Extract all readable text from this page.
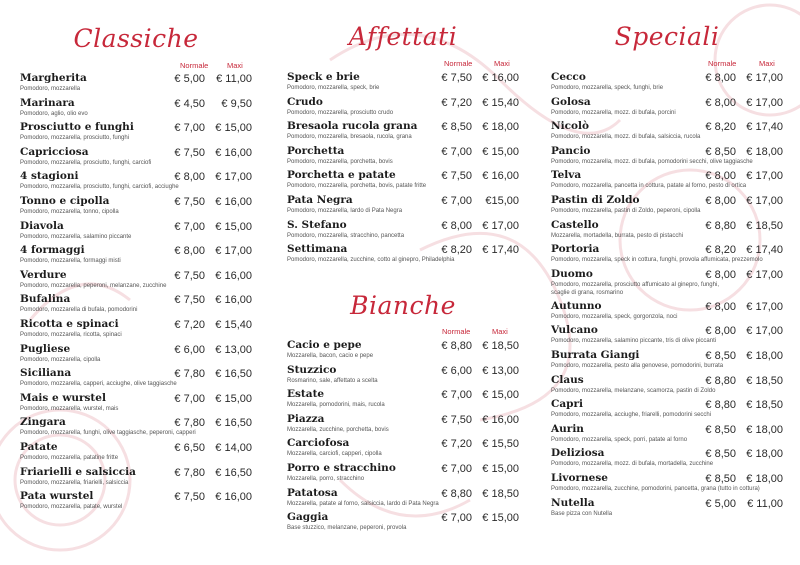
Classiche
Normale Maxi
Margherita
Pomodoro, mozzarella
€ 5,00 € 11,00
Marinara
Pomodoro, aglio, olio evo
€ 4,50 € 9,50
Prosciutto e funghi
Pomodoro, mozzarella, prosciutto, funghi
€ 7,00 € 15,00
Capricciosa
Pomodoro, mozzarella, prosciutto, funghi, carciofi
€ 7,50 € 16,00
4 stagioni
Pomodoro, mozzarella, prosciutto, funghi, carciofi, acciughe
€ 8,00 € 17,00
Tonno e cipolla
Pomodoro, mozzarella, tonno, cipolla
€ 7,50 € 16,00
Diavola
Pomodoro, mozzarella, salamino piccante
€ 7,00 € 15,00
4 formaggi
Pomodoro, mozzarella, formaggi misti
€ 8,00 € 17,00
Verdure
Pomodoro, mozzarella, peperoni, melanzane, zucchine
€ 7,50 € 16,00
Bufalina
Pomodoro, mozzarella di bufala, pomodorini
€ 7,50 € 16,00
Ricotta e spinaci
Pomodoro, mozzarella, ricotta, spinaci
€ 7,20 € 15,40
Pugliese
Pomodoro, mozzarella, cipolla
€ 6,00 € 13,00
Siciliana
Pomodoro, mozzarella, capperi, acciughe, olive taggiasche
€ 7,80 € 16,50
Mais e wurstel
Pomodoro, mozzarella, wurstel, mais
€ 7,00 € 15,00
Zingara
Pomodoro, mozzarella, funghi, olive taggiasche, peperoni, capperi
€ 7,80 € 16,50
Patate
Pomodoro, mozzarella, patatine fritte
€ 6,50 € 14,00
Friarielli e salsiccia
Pomodoro, mozzarella, friarielli, salsiccia
€ 7,80 € 16,50
Pata wurstel
Pomodoro, mozzarella, patate, wurstel
€ 7,50 € 16,00
Affettati
Normale	Maxi
Speck e brie
Pomodoro, mozzarella, speck, brie
€ 7,50 € 16,00
Crudo
Pomodoro, mozzarella, prosciutto crudo
€ 7,20 € 15,40
Bresaola rucola grana
Pomodoro, mozzarella, bresaola, rucola, grana
€ 8,50 € 18,00
Porchetta
Pomodoro, mozzarella, porchetta, bovis
€ 7,00 € 15,00
Porchetta e patate
Pomodoro, mozzarella, porchetta, bovis, patate fritte
€ 7,50 € 16,00
Pata Negra
Pomodoro, mozzarella, lardo di Pata Negra
€ 7,00 €15,00
S. Stefano
Pomodoro, mozzarella, stracchino, pancetta
€ 8,00 € 17,00
Settimana
Pomodoro, mozzarella, zucchine, cotto al ginepro, Philadelphia
€ 8,20 € 17,40
Bianche
Normale	Maxi
Cacio e pepe
Mozzarella, bacon, cacio e pepe
€ 8,80 € 18,50
Stuzzico
Rosmarino, sale, affettato a scelta
€ 6,00 € 13,00
Estate
Mozzarella, pomodorini, mais, rucola
€ 7,00 € 15,00
Piazza
Mozzarella, zucchine, porchetta, bovis
€ 7,50 € 16,00
Carciofosa
Mozzarella, carciofi, capperi, cipolla
€ 7,20 € 15,50
Porro e stracchino
Mozzarella, porro, stracchino
€ 7,00 € 15,00
Patatosa
Mozzarella, patate al forno, salsiccia, lardo di Pata Negra
€ 8,80 € 18,50
Gaggia
Base stuzzico, melanzane, peperoni, provola
€ 7,00 € 15,00
Speciali
Normale	Maxi
Cecco
Pomodoro, mozzarella, speck, funghi, brie
€ 8,00 € 17,00
Golosa
Pomodoro, mozzarella, mozz. di bufala, porcini
€ 8,00 € 17,00
Nicolò
Pomodoro, mozzarella, mozz. di bufala, salsiccia, rucola
€ 8,20 € 17,40
Pancio
Pomodoro, mozzarella, mozz. di bufala, pomodorini secchi, olive taggiasche
€ 8,50 € 18,00
Telva
Pomodoro, mozzarella, pancetta in cottura, patate al forno, pesto di ortica
€ 8,00 € 17,00
Pastin di Zoldo
Pomodoro, mozzarella, pastin di Zoldo, peperoni, cipolla
€ 8,00 € 17,00
Castello
Mozzarella, mortadella, burrata, pesto di pistacchi
€ 8,80 € 18,50
Portoria
Pomodoro, mozzarella, speck in cottura, funghi, provola affumicata, prezzemolo
€ 8,20 € 17,40
Duomo
Pomodoro, mozzarella, prosciutto affumicato al ginepro, funghi,
scaglie di grana, rosmarino
€ 8,00 € 17,00
Autunno
Pomodoro, mozzarella, speck, gorgonzola, noci
€ 8,00 € 17,00
Vulcano
Pomodoro, mozzarella, salamino piccante, tris di olive piccanti
€ 8,00 € 17,00
Burrata Giangi
Pomodoro, mozzarella, pesto alla genovese, pomodorini, burrata
€ 8,50 € 18,00
Claus
Pomodoro, mozzarella, melanzane, scamorza, pastin di Zoldo
€ 8,80 € 18,50
Capri
Pomodoro, mozzarella, acciughe, friarelli, pomodorini secchi
€ 8,80 € 18,50
Aurin
Pomodoro, mozzarella, speck, porri, patate al forno
€ 8,50 € 18,00
Deliziosa
Pomodoro, mozzarella, mozz. di bufala, mortadella, zucchine
€ 8,50 € 18,00
Livornese
Pomodoro, mozzarella, zucchine, pomodorini, pancetta, grana (tutto in cottura)
€ 8,50 € 18,00
Nutella
Base pizza con Nutella
€ 5,00 € 11,00
